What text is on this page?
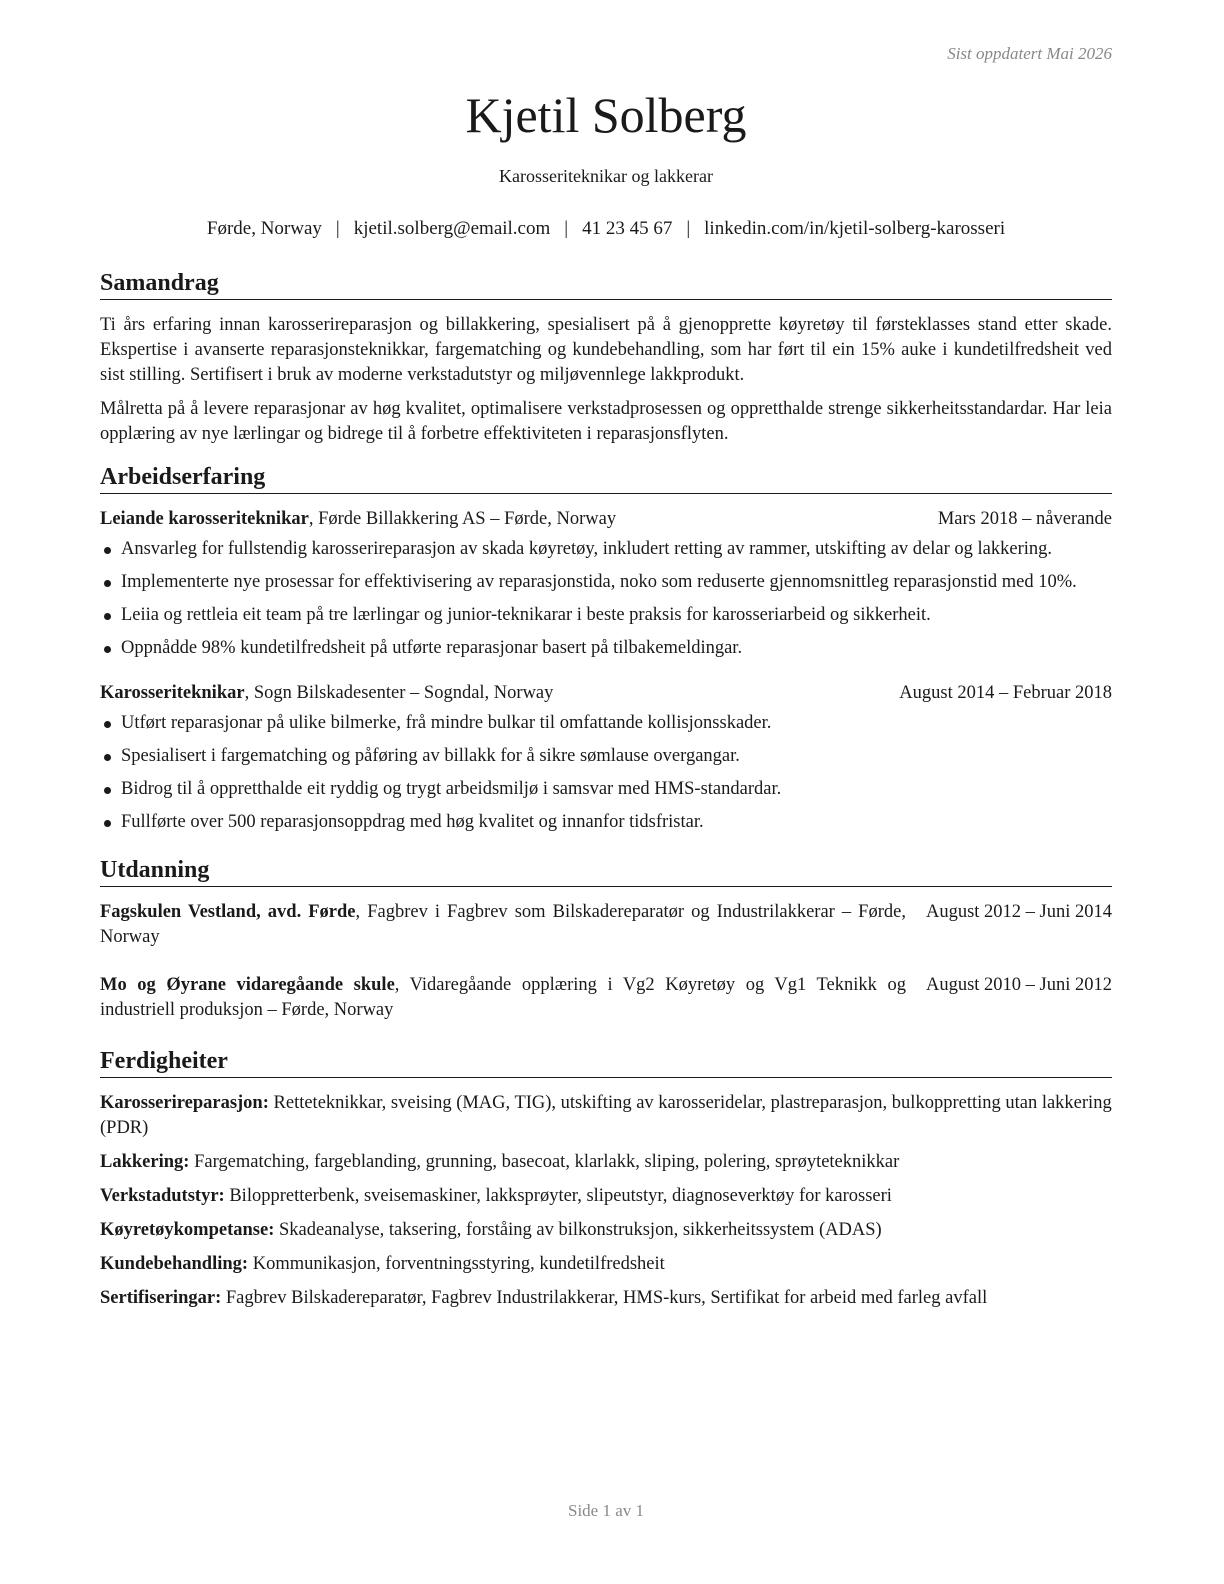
Sist oppdatert Mai 2026
Kjetil Solberg
Karosseriteknikar og lakkerar
Førde, Norway | kjetil.solberg@email.com | 41 23 45 67 | linkedin.com/in/kjetil-solberg-karosseri
Samandrag

Ti års erfaring innan karosserireparasjon og billakkering, spesialisert på å gjenopprette køyretøy til førsteklasses stand etter skade. Ekspertise i avanserte reparasjonsteknikkar, fargematching og kundebehandling, som har ført til ein 15% auke i kundetilfredsheit ved sist stilling. Sertifisert i bruk av moderne verkstadutstyr og miljøvennlege lakkprodukt.

Målretta på å levere reparasjonar av høg kvalitet, optimalisere verkstadprosessen og oppretthalde strenge sikkerheitsstandardar. Har leia opplæring av nye lærlingar og bidrege til å forbetre effektiviteten i reparasjonsflyten.

Arbeidserfaring
Leiande karosseriteknikar, Førde Billakkering AS – Førde, Norway	Mars 2018 – nåverande
Ansvarleg for fullstendig karosserireparasjon av skada køyretøy, inkludert retting av rammer, utskifting av delar og lakkering.
Implementerte nye prosessar for effektivisering av reparasjonstida, noko som reduserte gjennomsnittleg reparasjonstid med 10%.
Leiia og rettleia eit team på tre lærlingar og junior-teknikarar i beste praksis for karosseriarbeid og sikkerheit.
Oppnådde 98% kundetilfredsheit på utførte reparasjonar basert på tilbakemeldingar.
Karosseriteknikar, Sogn Bilskadesenter – Sogndal, Norway	August 2014 – Februar 2018
Utført reparasjonar på ulike bilmerke, frå mindre bulkar til omfattande kollisjonsskader.
Spesialisert i fargematching og påføring av billakk for å sikre sømlause overgangar.
Bidrog til å oppretthalde eit ryddig og trygt arbeidsmiljø i samsvar med HMS-standardar.
Fullførte over 500 reparasjonsoppdrag med høg kvalitet og innanfor tidsfristar.
Utdanning
Fagskulen Vestland, avd. Førde, Fagbrev i Fagbrev som Bilskadereparatør og Industrilakkerar – Førde, Norway
August 2012 – Juni 2014
Mo og Øyrane vidaregåande skule, Vidaregåande opplæring i Vg2 Køyretøy og Vg1 Teknikk og industriell produksjon – Førde, Norway
August 2010 – Juni 2012
Ferdigheiter
Karosserireparasjon: Retteteknikkar, sveising (MAG, TIG), utskifting av karosseridelar, plastreparasjon, bulkoppretting utan lakkering (PDR)
Lakkering: Fargematching, fargeblanding, grunning, basecoat, klarlakk, sliping, polering, sprøyteteknikkar
Verkstadutstyr: Biloppretterbenk, sveisemaskiner, lakksprøyter, slipeutstyr, diagnoseverktøy for karosseri
Køyretøykompetanse: Skadeanalyse, taksering, forståing av bilkonstruksjon, sikkerheitssystem (ADAS)
Kundebehandling: Kommunikasjon, forventningsstyring, kundetilfredsheit
Sertifiseringar: Fagbrev Bilskadereparatør, Fagbrev Industrilakkerar, HMS-kurs, Sertifikat for arbeid med farleg avfall
Side 1 av 1
